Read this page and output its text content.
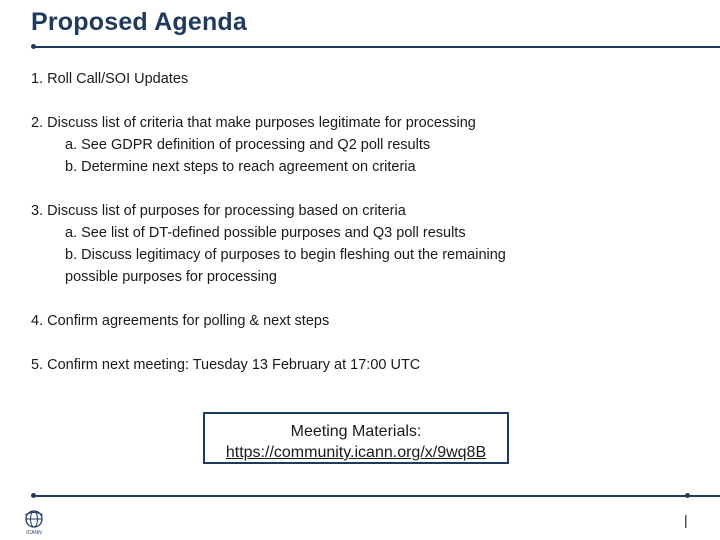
Proposed Agenda

1. Roll Call/SOI Updates

2. Discuss list of criteria that make purposes legitimate for processing

a. See GDPR definition of processing and Q2 poll results

b. Determine next steps to reach agreement on criteria

3. Discuss list of purposes for processing based on criteria

a. See list of DT-defined possible purposes and Q3 poll results

b. Discuss legitimacy of purposes to begin fleshing out the remaining

possible purposes for processing

4. Confirm agreements for polling & next steps

5. Confirm next meeting: Tuesday 13 February at 17:00 UTC

Meeting Materials:
https://community.icann.org/x/9wq8B
ICANN
|
